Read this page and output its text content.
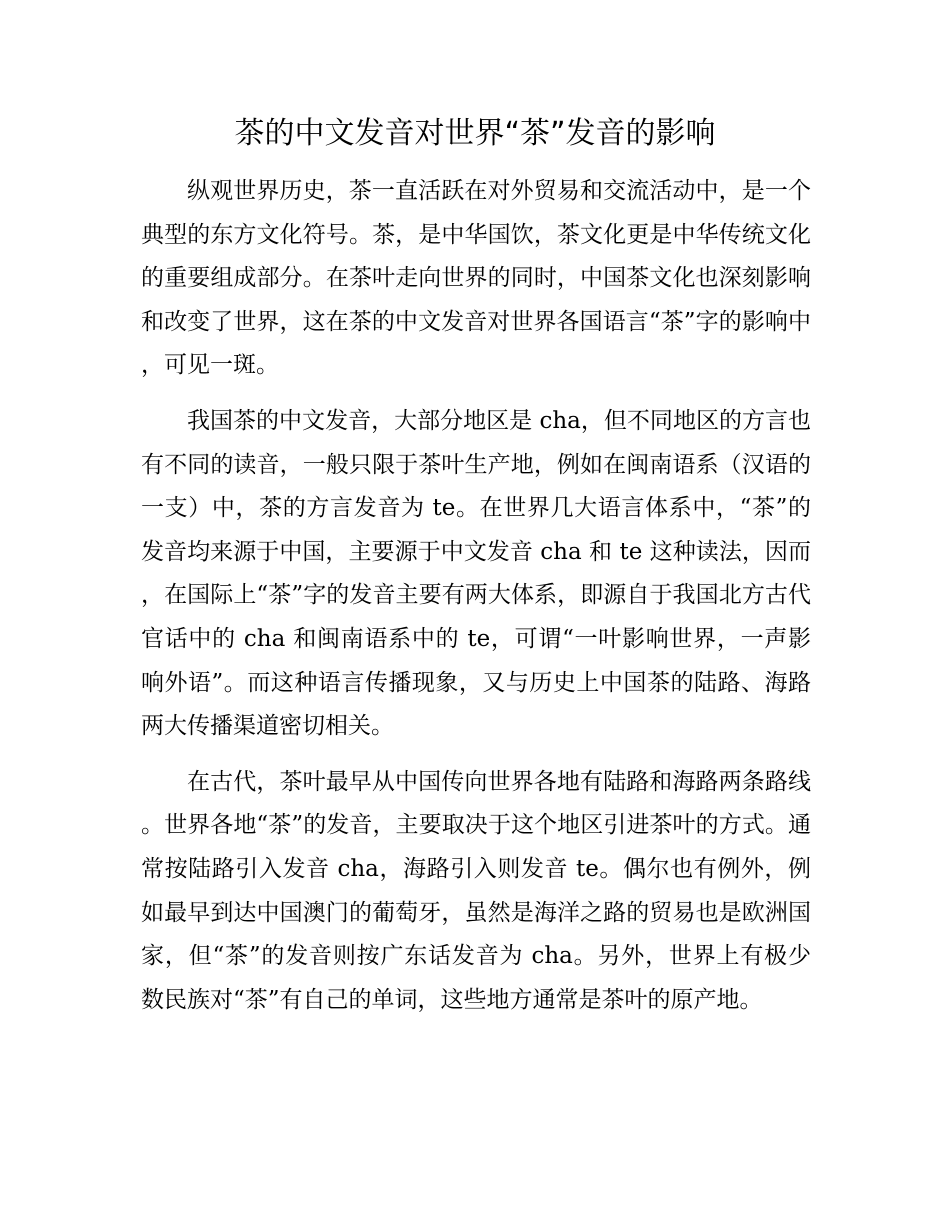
茶的中文发音对世界“茶”发音的影响

纵观世界历史，茶一直活跃在对外贸易和交流活动中，是一个典型的东方文化符号。茶，是中华国饮，茶文化更是中华传统文化的重要组成部分。在茶叶走向世界的同时，中国茶文化也深刻影响和改变了世界，这在茶的中文发音对世界各国语言“茶”字的影响中，可见一斑。

我国茶的中文发音，大部分地区是 cha，但不同地区的方言也有不同的读音，一般只限于茶叶生产地，例如在闽南语系（汉语的一支）中，茶的方言发音为 te。在世界几大语言体系中，“茶”的发音均来源于中国，主要源于中文发音 cha 和 te 这种读法，因而，在国际上“茶”字的发音主要有两大体系，即源自于我国北方古代官话中的 cha 和闽南语系中的 te，可谓“一叶影响世界，一声影响外语”。而这种语言传播现象，又与历史上中国茶的陆路、海路两大传播渠道密切相关。

在古代，茶叶最早从中国传向世界各地有陆路和海路两条路线。世界各地“茶”的发音，主要取决于这个地区引进茶叶的方式。通常按陆路引入发音 cha，海路引入则发音 te。偶尔也有例外，例如最早到达中国澳门的葡萄牙，虽然是海洋之路的贸易也是欧洲国家，但“茶”的发音则按广东话发音为 cha。另外，世界上有极少数民族对“茶”有自己的单词，这些地方通常是茶叶的原产地。
